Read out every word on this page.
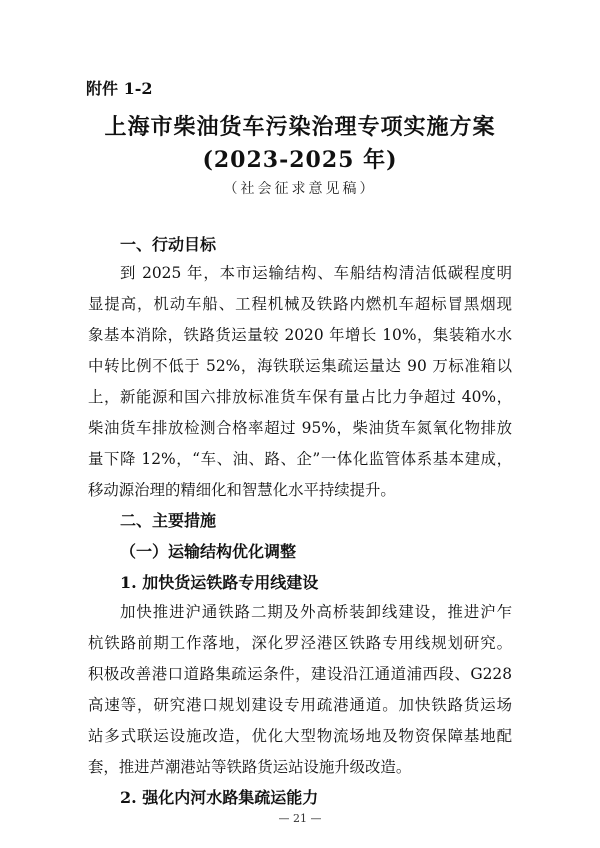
附件 1-2
上海市柴油货车污染治理专项实施方案
(2023-2025 年)
（社会征求意见稿）
一、行动目标
到 2025 年，本市运输结构、车船结构清洁低碳程度明
显提高，机动车船、工程机械及铁路内燃机车超标冒黑烟现
象基本消除，铁路货运量较 2020 年增长 10%，集装箱水水
中转比例不低于 52%，海铁联运集疏运量达 90 万标准箱以
上，新能源和国六排放标准货车保有量占比力争超过 40%，
柴油货车排放检测合格率超过 95%，柴油货车氮氧化物排放
量下降 12%，“车、油、路、企”一体化监管体系基本建成，
移动源治理的精细化和智慧化水平持续提升。
二、主要措施
（一）运输结构优化调整
1. 加快货运铁路专用线建设
加快推进沪通铁路二期及外高桥装卸线建设，推进沪乍
杭铁路前期工作落地，深化罗泾港区铁路专用线规划研究。
积极改善港口道路集疏运条件，建设沿江通道浦西段、G228
高速等，研究港口规划建设专用疏港通道。加快铁路货运场
站多式联运设施改造，优化大型物流场地及物资保障基地配
套，推进芦潮港站等铁路货运站设施升级改造。
2. 强化内河水路集疏运能力
— 21 —
